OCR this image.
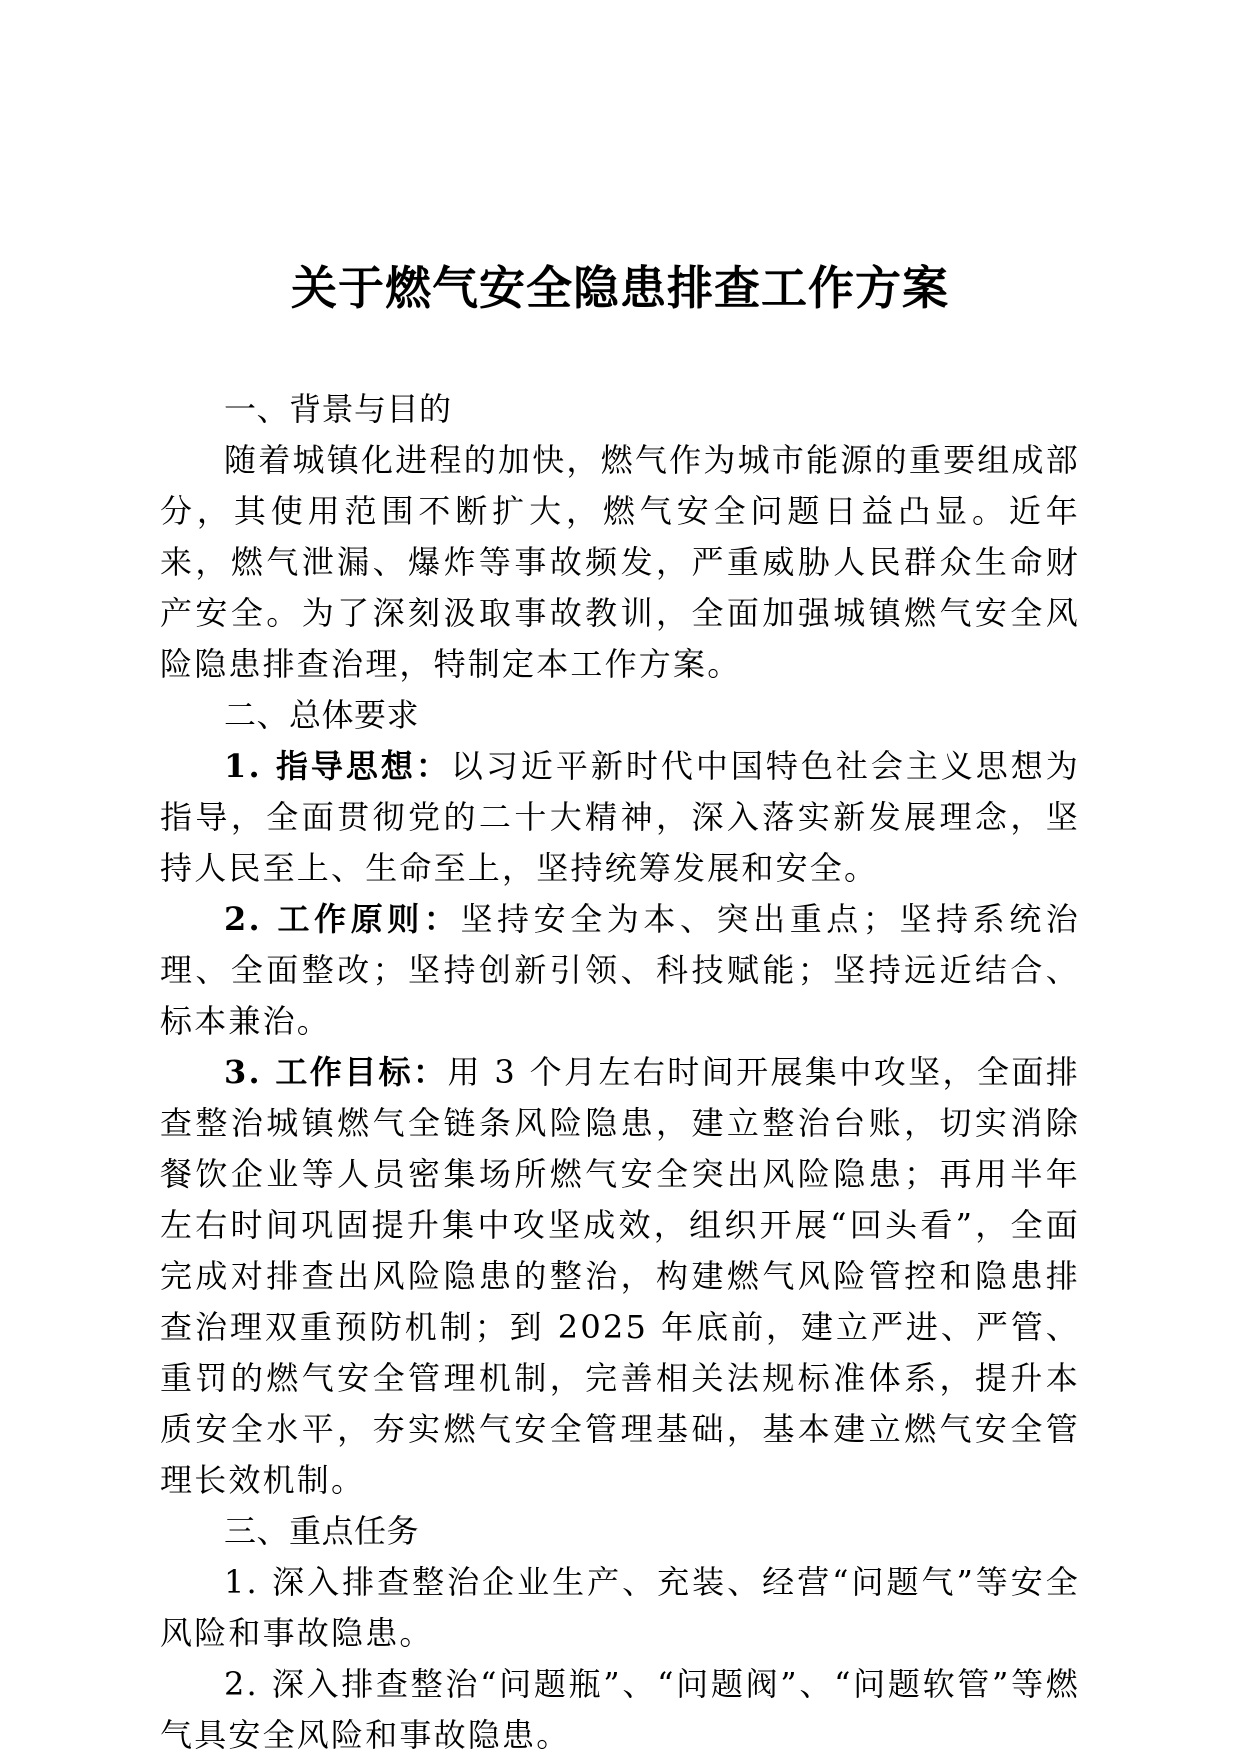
关于燃气安全隐患排查工作方案

一、背景与目的

随着城镇化进程的加快，燃气作为城市能源的重要组成部分，其使用范围不断扩大，燃气安全问题日益凸显。近年来，燃气泄漏、爆炸等事故频发，严重威胁人民群众生命财产安全。为了深刻汲取事故教训，全面加强城镇燃气安全风险隐患排查治理，特制定本工作方案。

二、总体要求

1. 指导思想：以习近平新时代中国特色社会主义思想为指导，全面贯彻党的二十大精神，深入落实新发展理念，坚持人民至上、生命至上，坚持统筹发展和安全。

2. 工作原则：坚持安全为本、突出重点；坚持系统治理、全面整改；坚持创新引领、科技赋能；坚持远近结合、标本兼治。

3. 工作目标：用 3 个月左右时间开展集中攻坚，全面排查整治城镇燃气全链条风险隐患，建立整治台账，切实消除餐饮企业等人员密集场所燃气安全突出风险隐患；再用半年左右时间巩固提升集中攻坚成效，组织开展“回头看”，全面完成对排查出风险隐患的整治，构建燃气风险管控和隐患排查治理双重预防机制；到 2025 年底前，建立严进、严管、重罚的燃气安全管理机制，完善相关法规标准体系，提升本质安全水平，夯实燃气安全管理基础，基本建立燃气安全管理长效机制。

三、重点任务

1. 深入排查整治企业生产、充装、经营“问题气”等安全风险和事故隐患。

2. 深入排查整治“问题瓶”、“问题阀”、“问题软管”等燃气具安全风险和事故隐患。
